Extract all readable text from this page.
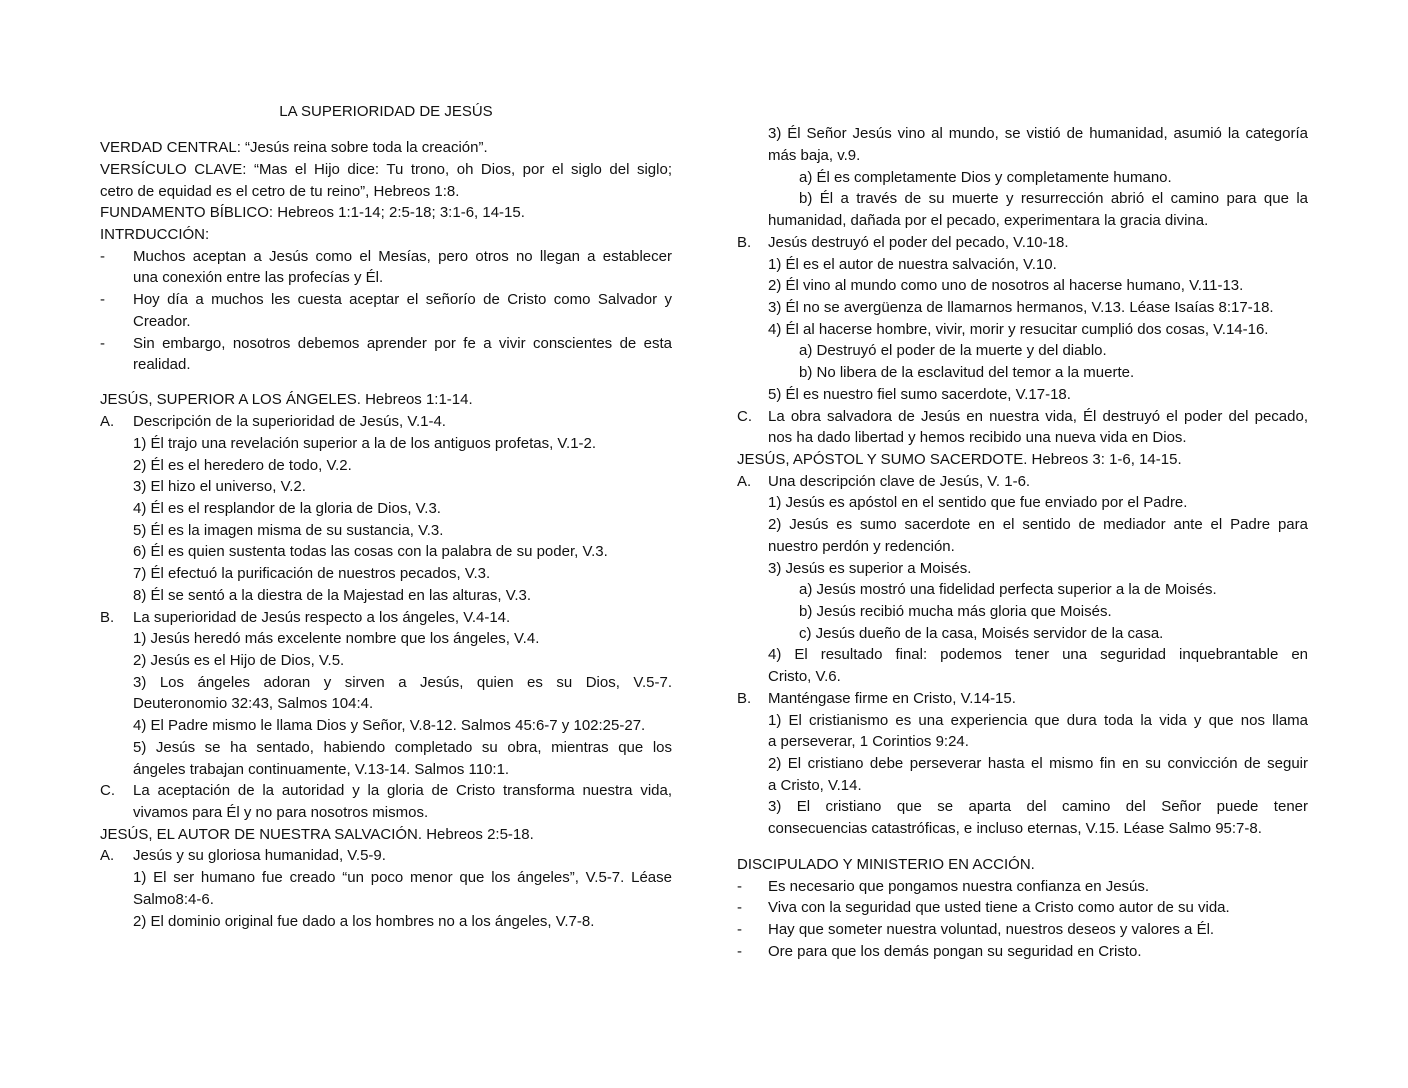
LA SUPERIORIDAD DE JESÚS
VERDAD CENTRAL: “Jesús reina sobre toda la creación”.
VERSÍCULO CLAVE: “Mas el Hijo dice: Tu trono, oh Dios, por el siglo del siglo;
cetro de equidad es el cetro de tu reino”, Hebreos 1:8.
FUNDAMENTO BÍBLICO: Hebreos 1:1-14; 2:5-18; 3:1-6, 14-15.
INTRDUCCIÓN:
- Muchos aceptan a Jesús como el Mesías, pero otros no llegan a establecer
una conexión entre las profecías y Él.
- Hoy día a muchos les cuesta aceptar el señorío de Cristo como Salvador y
Creador.
- Sin embargo, nosotros debemos aprender por fe a vivir conscientes de esta
realidad.
JESÚS, SUPERIOR A LOS ÁNGELES. Hebreos 1:1-14.
A. Descripción de la superioridad de Jesús, V.1-4.
1) Él trajo una revelación superior a la de los antiguos profetas, V.1-2.
2) Él es el heredero de todo, V.2.
3) El hizo el universo, V.2.
4) Él es el resplandor de la gloria de Dios, V.3.
5) Él es la imagen misma de su sustancia, V.3.
6) Él es quien sustenta todas las cosas con la palabra de su poder, V.3.
7) Él efectuó la purificación de nuestros pecados, V.3.
8) Él se sentó a la diestra de la Majestad en las alturas, V.3.
B. La superioridad de Jesús respecto a los ángeles, V.4-14.
1) Jesús heredó más excelente nombre que los ángeles, V.4.
2) Jesús es el Hijo de Dios, V.5.
3) Los ángeles adoran y sirven a Jesús, quien es su Dios, V.5-7.
Deuteronomio 32:43, Salmos 104:4.
4) El Padre mismo le llama Dios y Señor, V.8-12. Salmos 45:6-7 y 102:25-27.
5) Jesús se ha sentado, habiendo completado su obra, mientras que los
ángeles trabajan continuamente, V.13-14. Salmos 110:1.
C. La aceptación de la autoridad y la gloria de Cristo transforma nuestra vida,
vivamos para Él y no para nosotros mismos.
JESÚS, EL AUTOR DE NUESTRA SALVACIÓN. Hebreos 2:5-18.
A. Jesús y su gloriosa humanidad, V.5-9.
1) El ser humano fue creado “un poco menor que los ángeles”, V.5-7. Léase
Salmo8:4-6.
2) El dominio original fue dado a los hombres no a los ángeles, V.7-8.
3) Él Señor Jesús vino al mundo, se vistió de humanidad, asumió la categoría
más baja, v.9.
a) Él es completamente Dios y completamente humano.
b) Él a través de su muerte y resurrección abrió el camino para que la
humanidad, dañada por el pecado, experimentara la gracia divina.
B. Jesús destruyó el poder del pecado, V.10-18.
1) Él es el autor de nuestra salvación, V.10.
2) Él vino al mundo como uno de nosotros al hacerse humano, V.11-13.
3) Él no se avergüenza de llamarnos hermanos, V.13. Léase Isaías 8:17-18.
4) Él al hacerse hombre, vivir, morir y resucitar cumplió dos cosas, V.14-16.
a) Destruyó el poder de la muerte y del diablo.
b) No libera de la esclavitud del temor a la muerte.
5) Él es nuestro fiel sumo sacerdote, V.17-18.
C. La obra salvadora de Jesús en nuestra vida, Él destruyó el poder del pecado,
nos ha dado libertad y hemos recibido una nueva vida en Dios.
JESÚS, APÓSTOL Y SUMO SACERDOTE. Hebreos 3: 1-6, 14-15.
A. Una descripción clave de Jesús, V. 1-6.
1) Jesús es apóstol en el sentido que fue enviado por el Padre.
2) Jesús es sumo sacerdote en el sentido de mediador ante el Padre para
nuestro perdón y redención.
3) Jesús es superior a Moisés.
a) Jesús mostró una fidelidad perfecta superior a la de Moisés.
b) Jesús recibió mucha más gloria que Moisés.
c) Jesús dueño de la casa, Moisés servidor de la casa.
4) El resultado final: podemos tener una seguridad inquebrantable en
Cristo, V.6.
B. Manténgase firme en Cristo, V.14-15.
1) El cristianismo es una experiencia que dura toda la vida y que nos llama
a perseverar, 1 Corintios 9:24.
2) El cristiano debe perseverar hasta el mismo fin en su convicción de seguir
a Cristo, V.14.
3) El cristiano que se aparta del camino del Señor puede tener
consecuencias catastróficas, e incluso eternas, V.15. Léase Salmo 95:7-8.
DISCIPULADO Y MINISTERIO EN ACCIÓN.
- Es necesario que pongamos nuestra confianza en Jesús.
- Viva con la seguridad que usted tiene a Cristo como autor de su vida.
- Hay que someter nuestra voluntad, nuestros deseos y valores a Él.
- Ore para que los demás pongan su seguridad en Cristo.
